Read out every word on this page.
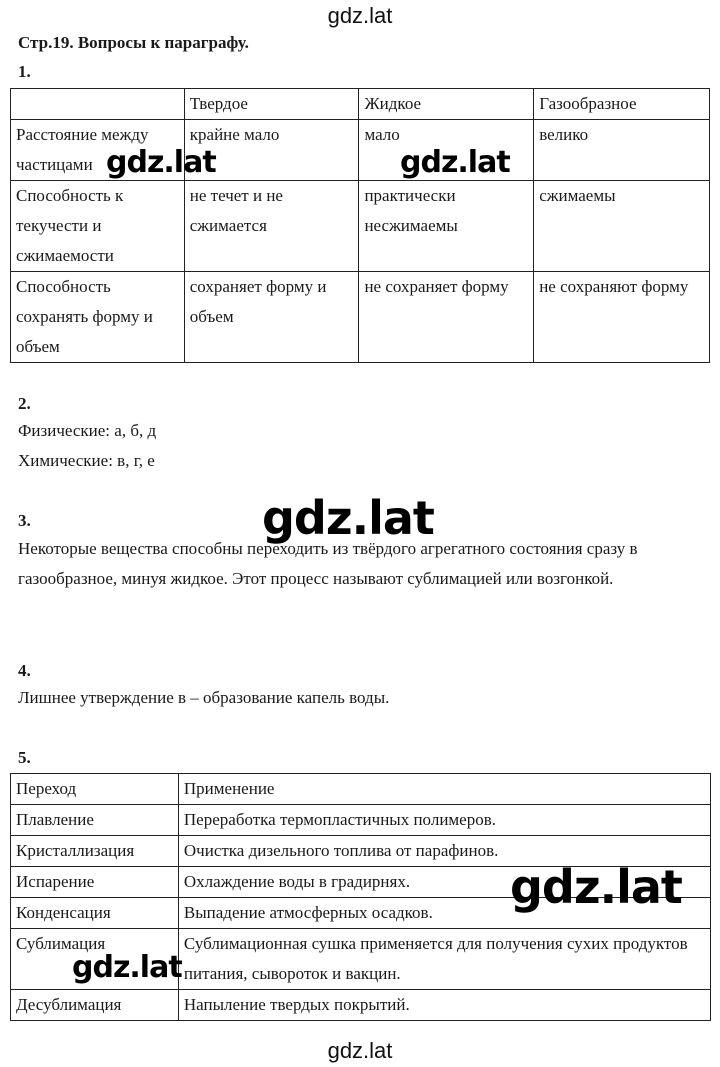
gdz.lat
Стр.19. Вопросы к параграфу.
1.
	Твердое	Жидкое	Газообразное
Расстояние между частицами	крайне мало	мало	велико
Способность к текучести и сжимаемости	не течет и не сжимается	практически несжимаемы	сжимаемы
Способность сохранять форму и объем	сохраняет форму и объем	не сохраняет форму	не сохраняют форму
2.
Физические: а, б, д
Химические: в, г, е
3.
Некоторые вещества способны переходить из твёрдого агрегатного состояния сразу в газообразное, минуя жидкое. Этот процесс называют сублимацией или возгонкой.
4.
Лишнее утверждение в – образование капель воды.
5.
Переход	Применение
Плавление	Переработка термопластичных полимеров.
Кристаллизация	Очистка дизельного топлива от парафинов.
Испарение	Охлаждение воды в градирнях.
Конденсация	Выпадение атмосферных осадков.
Сублимация	Сублимационная сушка применяется для получения сухих продуктов питания, сывороток и вакцин.
Десублимация	Напыление твердых покрытий.
gdz.lat	gdz.lat
gdz.lat
gdz.lat
gdz.lat
gdz.lat
